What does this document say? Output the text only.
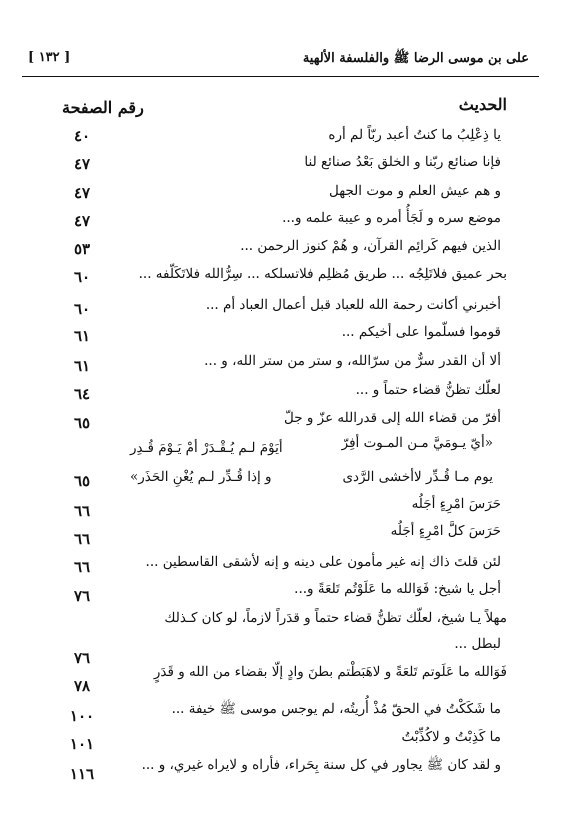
[ ١٣٢ ]	على بن موسى الرضا ﷺ والفلسفة الألهية
الحديث
رقم الصفحة
يا ذِعْلِبُ ما كنتُ أعبد ربّاً لم أره
٤٠
فإنا صنائع ربّنا و الخلق بَعْدُ صنائع لنا
٤٧
و هم عيش العلم و موت الجهل
٤٧
موضع سره و لَجَأُ أمره و عيبة علمه و...
٤٧
الذين فيهم كَرائِم القرآن، و هُمْ كنوز الرحمن ...
٥٣
بحر عميق فلاتَلِجُه ... طريق مُظلِم فلاتسلكه ... سِرُّالله فلاتَكَلّفه ...
٦٠
أخبرني أكانت رحمة الله للعباد قبل أعمال العباد أم ...
٦٠
قوموا فسلّموا على أخيكم ...
٦١
ألا أن القدر سرٌّ من سرّالله، و ستر من ستر الله، و ...
٦١
لعلّك تظنُّ قضاء حتماً و ...
٦٤
أفرّ من قضاء الله إلى قدرالله عزّ و جلّ
٦٥
«أيّ يـومَيَّ مـن المـوت أفِرّ
أيَوْمَ لـم يُـقْـدَرْ أمْ يَـوْمَ قُـدِر
يوم مـا قُـدِّر لاأخشى الرَّدى
و إذا قُـدِّر لـم يُغْنِ الحَذَر»
٦٥
حَرَسَ امْرِءٍ أجَلُه
٦٦
حَرَسَ كلَّ امْرِءٍ أجَلُه
٦٦
لئن قلتَ ذاك إنه غير مأمون على دينه و إنه لأشقى القاسطين ...
٦٦
أجل يا شيخ: فَوَالله ما عَلَوْتُم تَلعَةً و...
٧٦
مهلاً يـا شيخ، لعلّك تظنُّ قضاء حتماً و قدَراً لازماً، لو كان كـذلك
لبطل ...
٧٦
فَوَالله ما عَلَوتم تَلعَةً و لاهَبَطْتم بطنَ وادٍ إلّا بقضاء من الله و قَدَرٍ
٧٨
ما شَكَكْتُ في الحقّ مُذْ أُريتُه، لم يوجس موسى ﷺ خيفة ...
١٠٠
ما كَذِبْتُ و لاكُذِّبْتُ
١٠١
و لقد كان ﷺ يجاور في كل سنة بِحَراء، فأراه و لايراه غيري، و ...
١١٦
